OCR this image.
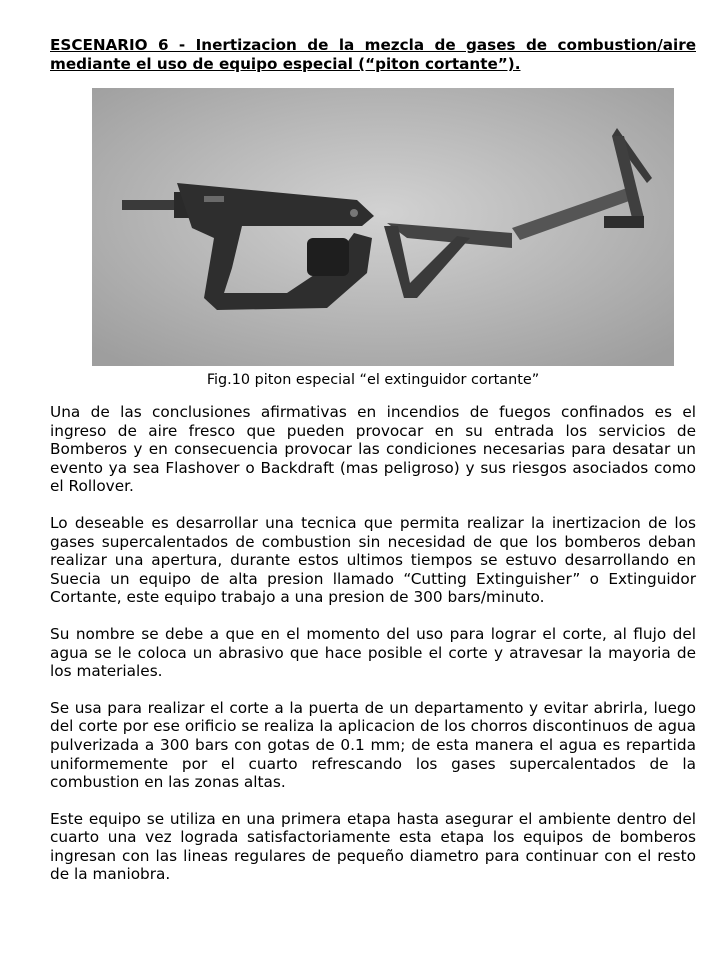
ESCENARIO 6 - Inertizacion de la mezcla de gases de combustion/aire mediante el uso de equipo especial (“piton cortante”).

Fig.10 piton especial “el extinguidor cortante”

Una de las conclusiones afirmativas en incendios de fuegos confinados es el ingreso de aire fresco que pueden provocar en su entrada los servicios de Bomberos y en consecuencia provocar las condiciones necesarias para desatar un evento ya sea Flashover o Backdraft (mas peligroso) y sus riesgos asociados como el Rollover.

Lo deseable es desarrollar una tecnica que permita realizar la inertizacion de los gases supercalentados de combustion sin necesidad de que los bomberos deban realizar una apertura, durante estos ultimos tiempos se estuvo desarrollando en Suecia un equipo de alta presion llamado “Cutting Extinguisher” o Extinguidor Cortante, este equipo trabajo a una presion de 300 bars/minuto.

Su nombre se debe a que en el momento del uso para lograr el corte, al flujo del agua se le coloca un abrasivo que hace posible el corte y atravesar la mayoria de los materiales.

Se usa para realizar el corte a la puerta de un departamento y evitar abrirla, luego del corte por ese orificio se realiza la aplicacion de los chorros discontinuos de agua pulverizada a 300 bars con gotas de 0.1 mm; de esta manera el agua es repartida uniformemente por el cuarto refrescando los gases supercalentados de la combustion en las zonas altas.

Este equipo se utiliza en una primera etapa hasta asegurar el ambiente dentro del cuarto una vez lograda satisfactoriamente esta etapa los equipos de bomberos ingresan con las lineas regulares de pequeño diametro para continuar con el resto de la maniobra.
